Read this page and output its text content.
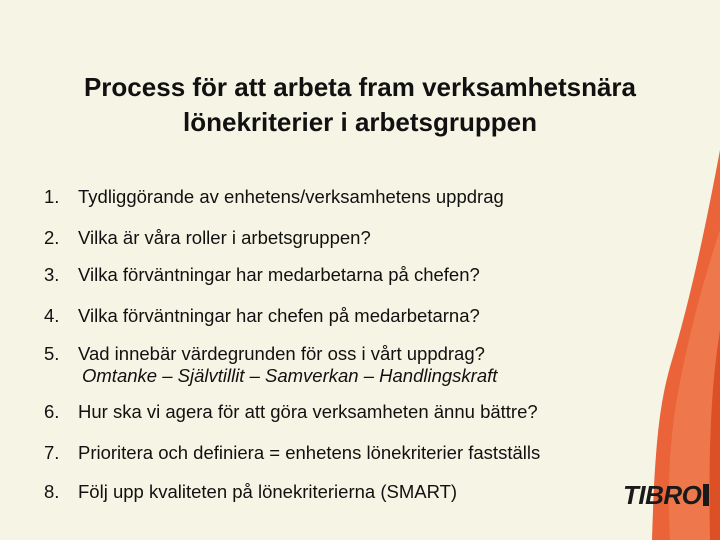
Process för att arbeta fram verksamhetsnära
lönekriterier i arbetsgruppen
1. Tydliggörande av enhetens/verksamhetens uppdrag
2. Vilka är våra roller i arbetsgruppen?
3. Vilka förväntningar har medarbetarna på chefen?
4. Vilka förväntningar har chefen på medarbetarna?
5. Vad innebär värdegrunden för oss i vårt uppdrag?
Omtanke – Självtillit – Samverkan – Handlingskraft
6. Hur ska vi agera för att göra verksamheten ännu bättre?
7. Prioritera och definiera = enhetens lönekriterier fastställs
8. Följ upp kvaliteten på lönekriterierna (SMART)	TIBRO
